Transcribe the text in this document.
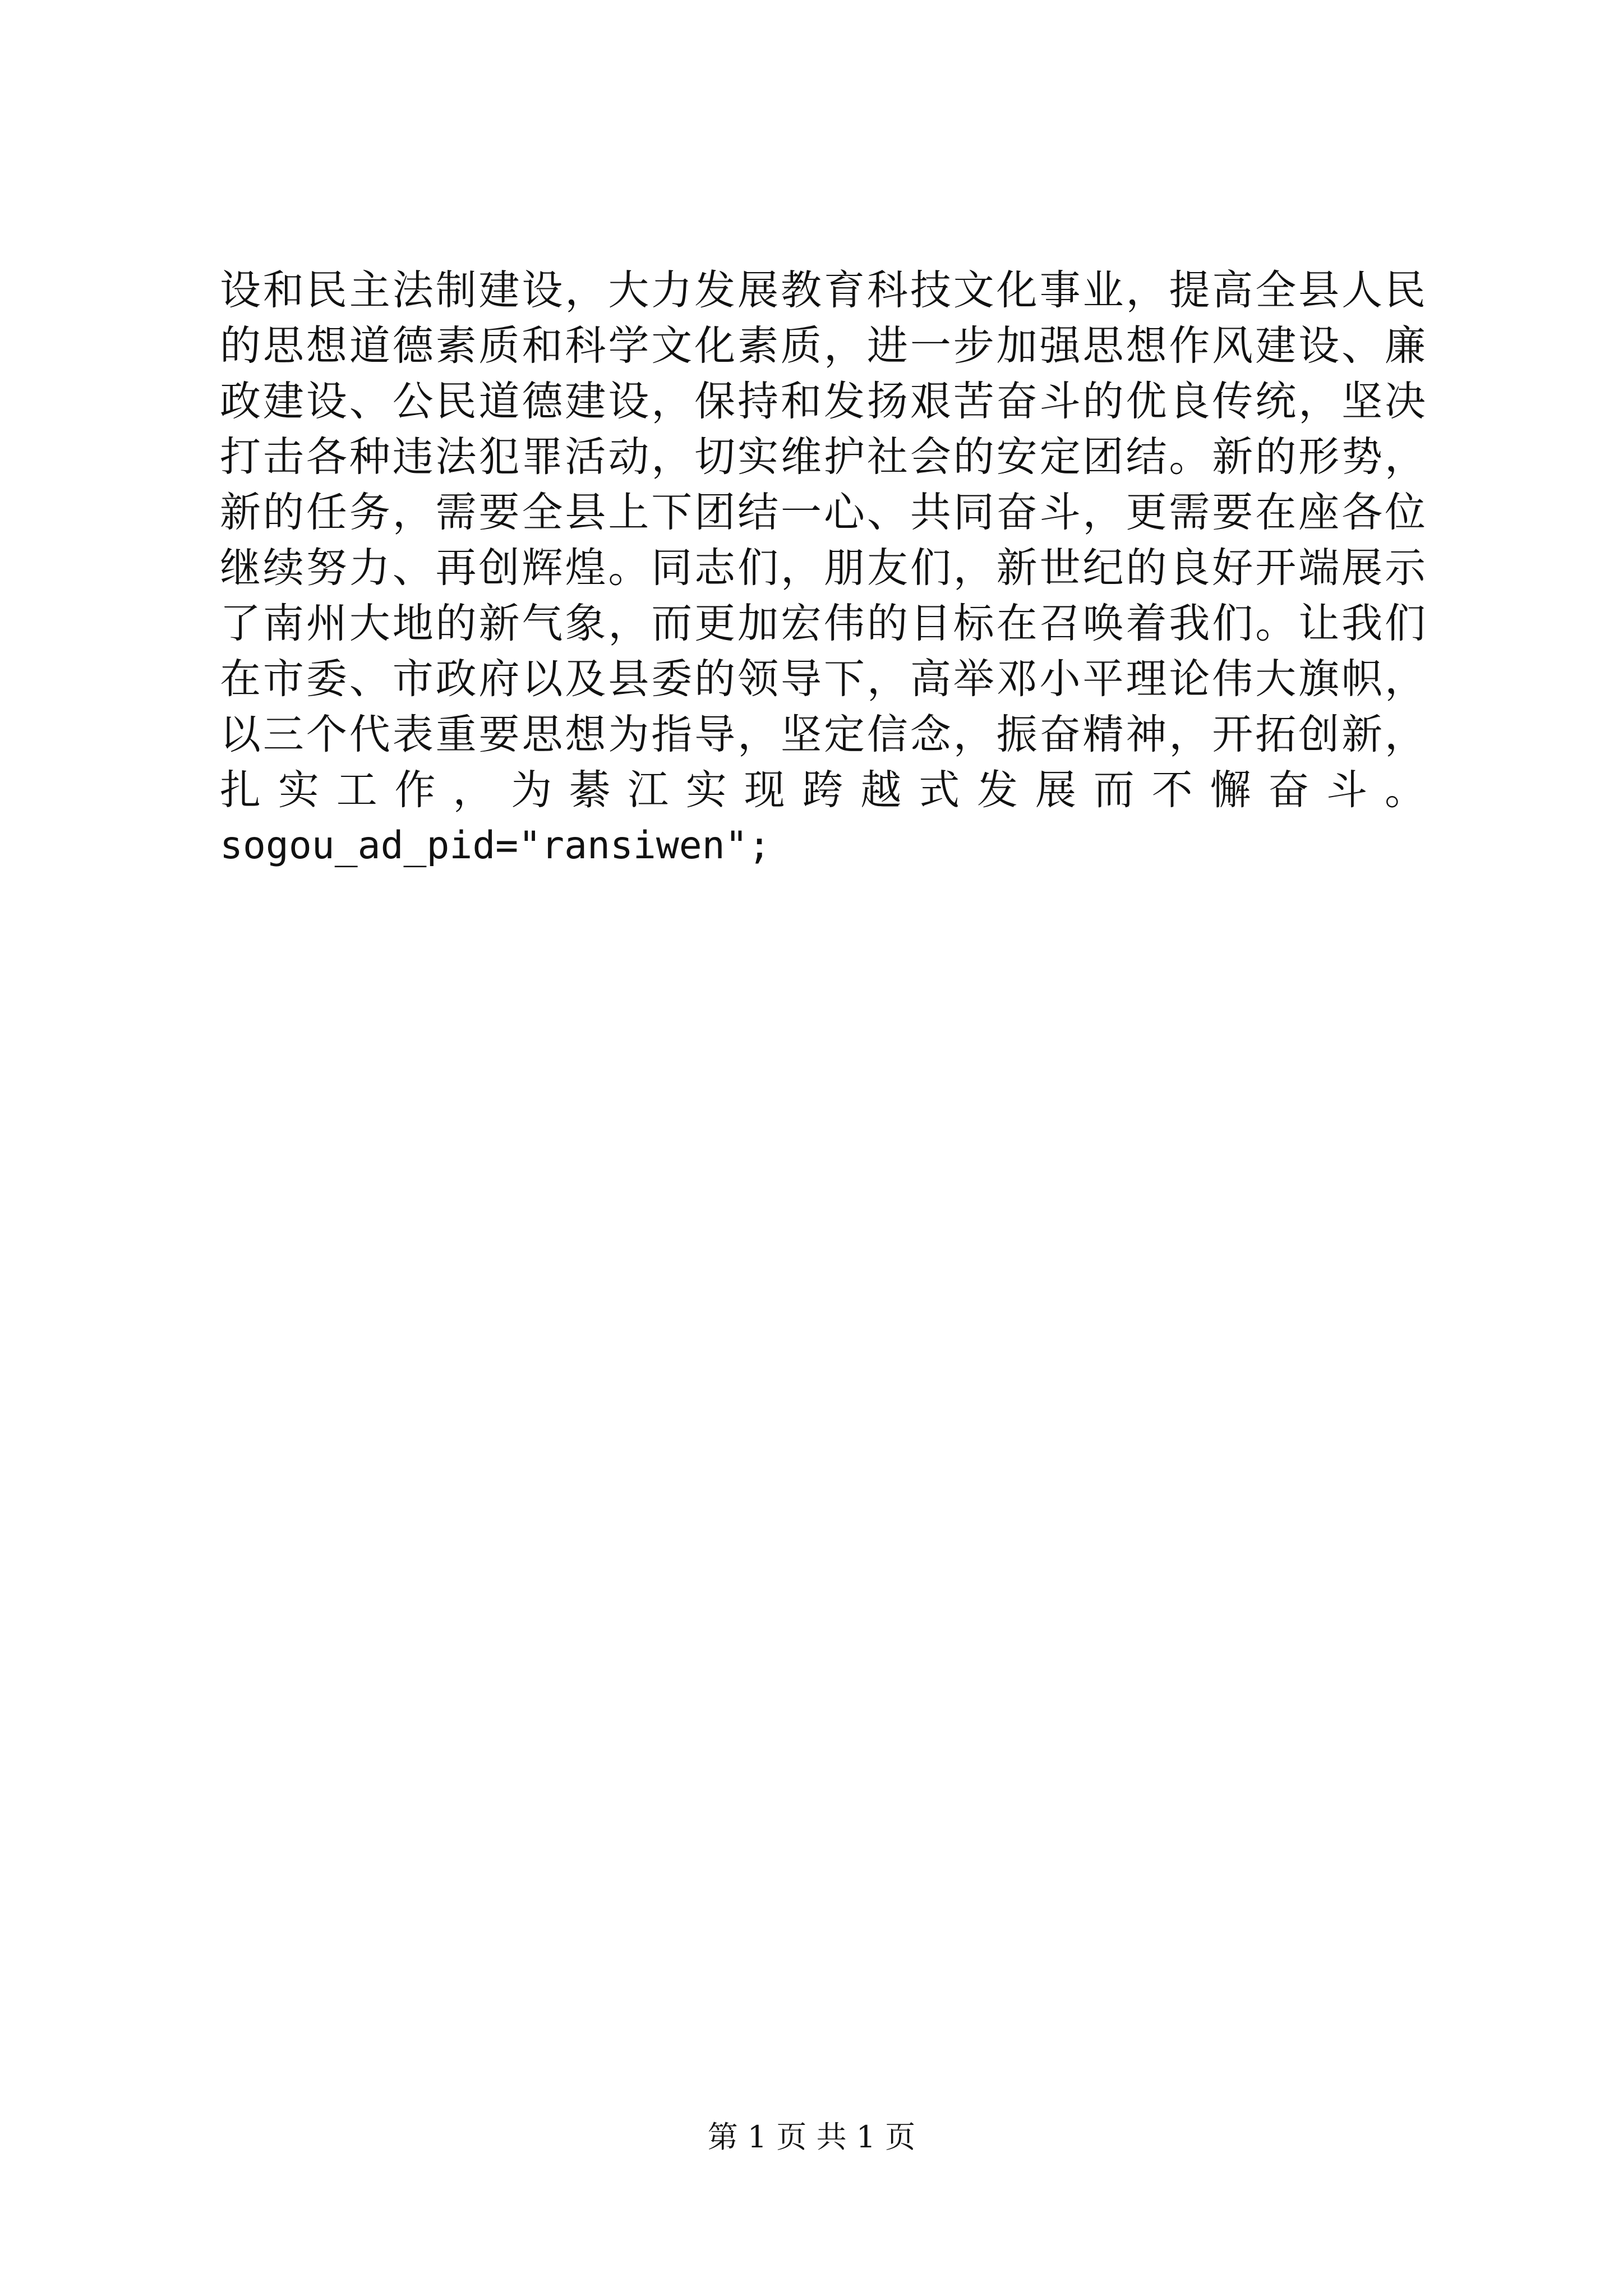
设和民主法制建设，大力发展教育科技文化事业，提高全县人民
的思想道德素质和科学文化素质，进一步加强思想作风建设、廉
政建设、公民道德建设，保持和发扬艰苦奋斗的优良传统，坚决
打击各种违法犯罪活动，切实维护社会的安定团结。新的形势，
新的任务，需要全县上下团结一心、共同奋斗，更需要在座各位
继续努力、再创辉煌。同志们，朋友们，新世纪的良好开端展示
了南州大地的新气象，而更加宏伟的目标在召唤着我们。让我们
在市委、市政府以及县委的领导下，高举邓小平理论伟大旗帜，
以三个代表重要思想为指导，坚定信念，振奋精神，开拓创新，
扎 实 工 作 ， 为 綦 江 实 现 跨 越 式 发 展 而 不 懈 奋 斗 。
sogou_ad_pid="ransiwen";
第 1 页 共 1 页
